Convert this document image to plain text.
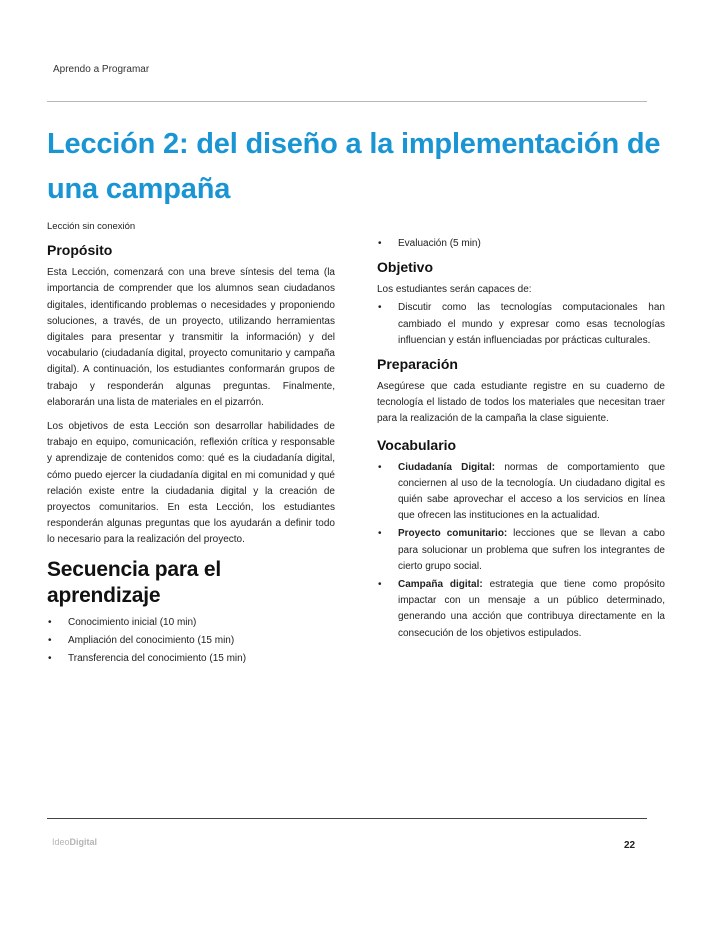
Aprendo a Programar
Lección 2: del diseño a la implementación de una campaña

Lección sin conexión

Propósito

Esta Lección, comenzará con una breve síntesis del tema (la importancia de comprender que los alumnos sean ciudadanos digitales, identificando problemas o necesidades y proponiendo soluciones, a través, de un proyecto, utilizando herramientas digitales para presentar y transmitir la información) y del vocabulario (ciudadanía digital, proyecto comunitario y campaña digital). A continuación, los estudiantes conformarán grupos de trabajo y responderán algunas preguntas. Finalmente, elaborarán una lista de materiales en el pizarrón.

Los objetivos de esta Lección son desarrollar habilidades de trabajo en equipo, comunicación, reflexión crítica y responsable y aprendizaje de contenidos como: qué es la ciudadanía digital, cómo puedo ejercer la ciudadanía digital en mi comunidad y qué relación existe entre la ciudadania digital y la creación de proyectos comunitarios. En esta Lección, los estudiantes responderán algunas preguntas que los ayudarán a definir todo lo necesario para la realización del proyecto.

Secuencia para el aprendizaje
• Conocimiento inicial (10 min)
• Ampliación del conocimiento (15 min)
• Transferencia del conocimiento (15 min)
• Evaluación (5 min)
Objetivo

Los estudiantes serán capaces de:

• Discutir como las tecnologías computacionales han cambiado el mundo y expresar como esas tecnologías influencian y están influenciadas por prácticas culturales.
Preparación

Asegúrese que cada estudiante registre en su cuaderno de tecnología el listado de todos los materiales que necesitan traer para la realización de la campaña la clase siguiente.

Vocabulario
• Ciudadanía Digital: normas de comportamiento que conciernen al uso de la tecnología. Un ciudadano digital es quién sabe aprovechar el acceso a los servicios en línea que ofrecen las instituciones en la actualidad.
• Proyecto comunitario: lecciones que se llevan a cabo para solucionar un problema que sufren los integrantes de cierto grupo social.
• Campaña digital: estrategia que tiene como propósito impactar con un mensaje a un público determinado, generando una acción que contribuya directamente en la consecución de los objetivos estipulados.
IdeoDigital	22
